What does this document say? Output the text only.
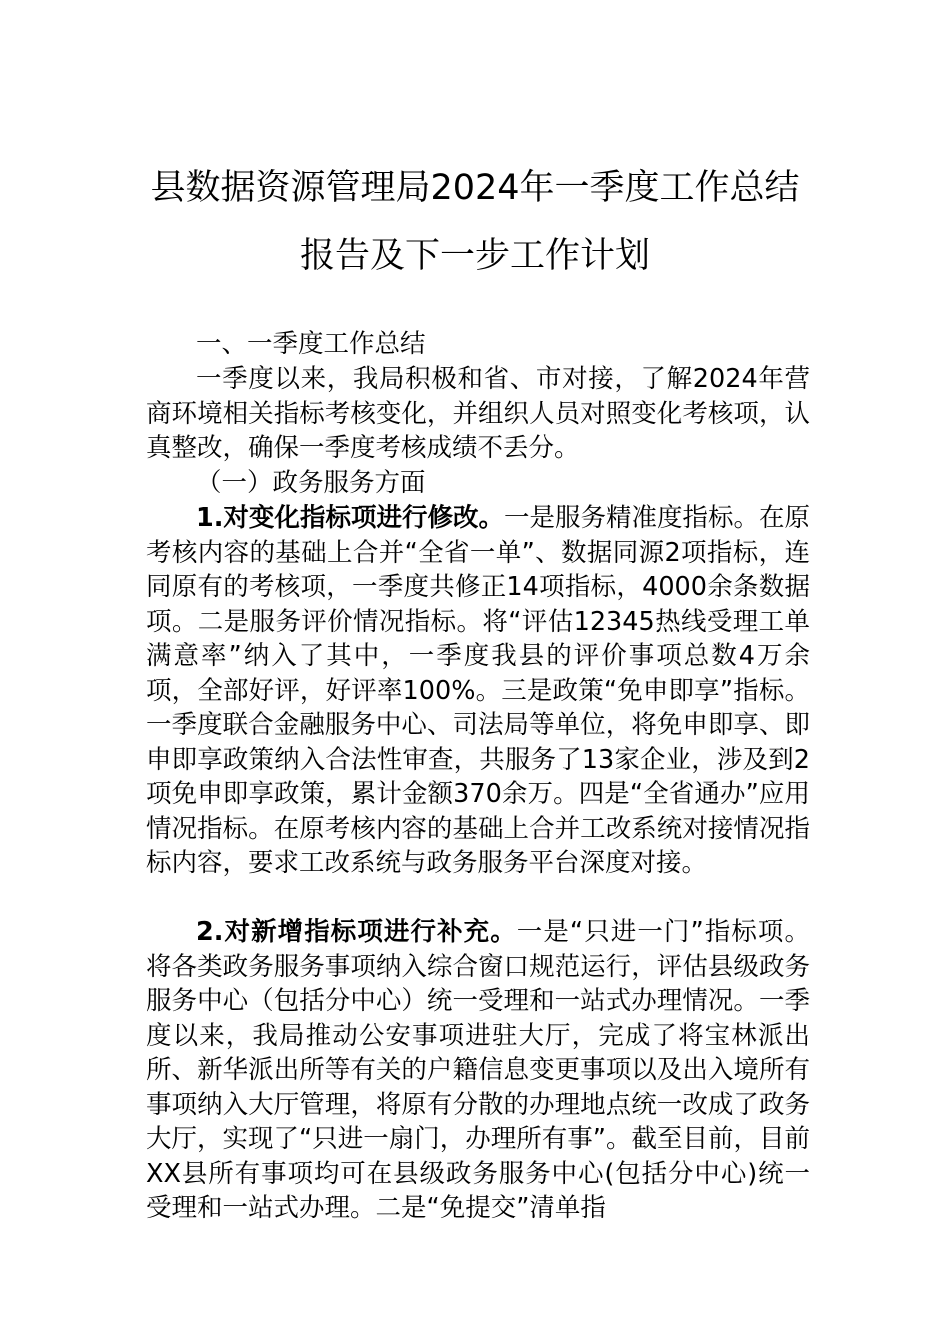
县数据资源管理局2024年一季度工作总结
报告及下一步工作计划
一、一季度工作总结

一季度以来，我局积极和省、市对接，了解2024年营商环境相关指标考核变化，并组织人员对照变化考核项，认真整改，确保一季度考核成绩不丢分。

（一）政务服务方面

1.对变化指标项进行修改。一是服务精准度指标。在原考核内容的基础上合并“全省一单”、数据同源2项指标，连同原有的考核项，一季度共修正14项指标，4000余条数据项。二是服务评价情况指标。将“评估12345热线受理工单满意率”纳入了其中，一季度我县的评价事项总数4万余项，全部好评，好评率100%。三是政策“免申即享”指标。一季度联合金融服务中心、司法局等单位，将免申即享、即申即享政策纳入合法性审查，共服务了13家企业，涉及到2项免申即享政策，累计金额370余万。四是“全省通办”应用情况指标。在原考核内容的基础上合并工改系统对接情况指标内容，要求工改系统与政务服务平台深度对接。

2.对新增指标项进行补充。一是“只进一门”指标项。将各类政务服务事项纳入综合窗口规范运行，评估县级政务服务中心（包括分中心）统一受理和一站式办理情况。一季度以来，我局推动公安事项进驻大厅，完成了将宝林派出所、新华派出所等有关的户籍信息变更事项以及出入境所有事项纳入大厅管理，将原有分散的办理地点统一改成了政务大厅，实现了“只进一扇门，办理所有事”。截至目前，目前XX县所有事项均可在县级政务服务中心(包括分中心)统一受理和一站式办理。二是“免提交”清单指
